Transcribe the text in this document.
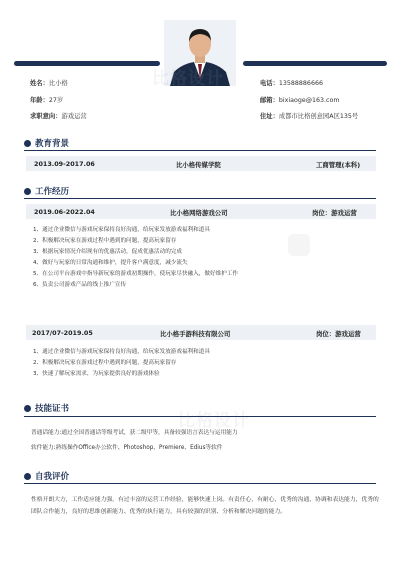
比格设计
姓名：比小格
年龄：27岁
求职意向：游戏运营
电话：13588886666
邮箱：bixiaoge@163.com
住址：成都市比格创意园A区135号
教育背景
2013.09-2017.06	比小格传媒学院	工商管理(本科)
工作经历
2019.06-2022.04	比小格网络游戏公司	岗位：游戏运营
1、通过企业微信与游戏玩家保持良好沟通，给玩家发放游戏福利和道具
2、积极解决玩家在游戏过程中遇到的问题，提高玩家留存
3、根据玩家情况介绍现有的优惠活动，促成优惠活动的完成
4、做好与玩家的日常沟通和维护，提升客户满意度，减少流失
5、在公司平台游戏中指导新玩家的游戏初期操作，使玩家尽快融入，做好维护工作
6、负责公司游戏产品的线上推广宣传
2017/07-2019.05	比小格手游科技有限公司	岗位：游戏运营
1、通过企业微信与游戏玩家保持良好沟通，给玩家发放游戏福利和道具
2、积极解决玩家在游戏过程中遇到的问题，提高玩家留存
3、快速了解玩家需求，为玩家提供良好的游戏体验
技能证书
普通话能力:通过全国普通话等级考试，获二级甲等，具备较强语言表达与运用能力
软件能力:熟练操作Office办公软件、Photoshop、Premiere、Edius等软件
自我评价
性格开朗大方，工作适应能力强，有过丰富的运营工作经验，能够快速上岗。有责任心，有耐心，优秀的沟通、协调和表达能力，优秀的团队合作能力，良好的思维创新能力、优秀的执行能力，具有较强的识别、分析和解决问题的能力。
